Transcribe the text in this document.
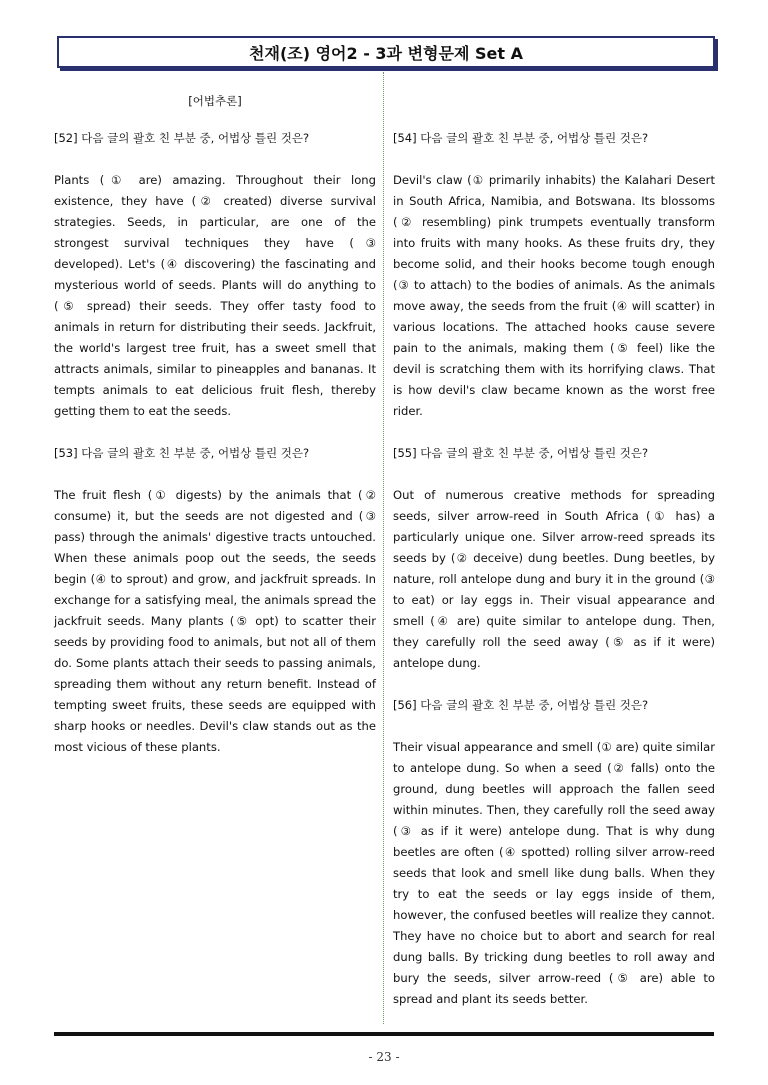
천재(조) 영어2 - 3과 변형문제 Set A
[어법추론]
[52] 다음 글의 괄호 친 부분 중, 어법상 틀린 것은?
Plants (① are) amazing. Throughout their long existence, they have (② created) diverse survival strategies. Seeds, in particular, are one of the strongest survival techniques they have (③ developed). Let's (④ discovering) the fascinating and mysterious world of seeds. Plants will do anything to (⑤ spread) their seeds. They offer tasty food to animals in return for distributing their seeds. Jackfruit, the world's largest tree fruit, has a sweet smell that attracts animals, similar to pineapples and bananas. It tempts animals to eat delicious fruit flesh, thereby getting them to eat the seeds.
[53] 다음 글의 괄호 친 부분 중, 어법상 틀린 것은?
The fruit flesh (① digests) by the animals that (② consume) it, but the seeds are not digested and (③ pass) through the animals' digestive tracts untouched. When these animals poop out the seeds, the seeds begin (④ to sprout) and grow, and jackfruit spreads. In exchange for a satisfying meal, the animals spread the jackfruit seeds. Many plants (⑤ opt) to scatter their seeds by providing food to animals, but not all of them do. Some plants attach their seeds to passing animals, spreading them without any return benefit. Instead of tempting sweet fruits, these seeds are equipped with sharp hooks or needles. Devil's claw stands out as the most vicious of these plants.
[54] 다음 글의 괄호 친 부분 중, 어법상 틀린 것은?
Devil's claw (① primarily inhabits) the Kalahari Desert in South Africa, Namibia, and Botswana. Its blossoms (② resembling) pink trumpets eventually transform into fruits with many hooks. As these fruits dry, they become solid, and their hooks become tough enough (③ to attach) to the bodies of animals. As the animals move away, the seeds from the fruit (④ will scatter) in various locations. The attached hooks cause severe pain to the animals, making them (⑤ feel) like the devil is scratching them with its horrifying claws. That is how devil's claw became known as the worst free rider.
[55] 다음 글의 괄호 친 부분 중, 어법상 틀린 것은?
Out of numerous creative methods for spreading seeds, silver arrow-reed in South Africa (① has) a particularly unique one. Silver arrow-reed spreads its seeds by (② deceive) dung beetles. Dung beetles, by nature, roll antelope dung and bury it in the ground (③ to eat) or lay eggs in. Their visual appearance and smell (④ are) quite similar to antelope dung. Then, they carefully roll the seed away (⑤ as if it were) antelope dung.
[56] 다음 글의 괄호 친 부분 중, 어법상 틀린 것은?
Their visual appearance and smell (① are) quite similar to antelope dung. So when a seed (② falls) onto the ground, dung beetles will approach the fallen seed within minutes. Then, they carefully roll the seed away (③ as if it were) antelope dung. That is why dung beetles are often (④ spotted) rolling silver arrow-reed seeds that look and smell like dung balls. When they try to eat the seeds or lay eggs inside of them, however, the confused beetles will realize they cannot. They have no choice but to abort and search for real dung balls. By tricking dung beetles to roll away and bury the seeds, silver arrow-reed (⑤ are) able to spread and plant its seeds better.
- 23 -
